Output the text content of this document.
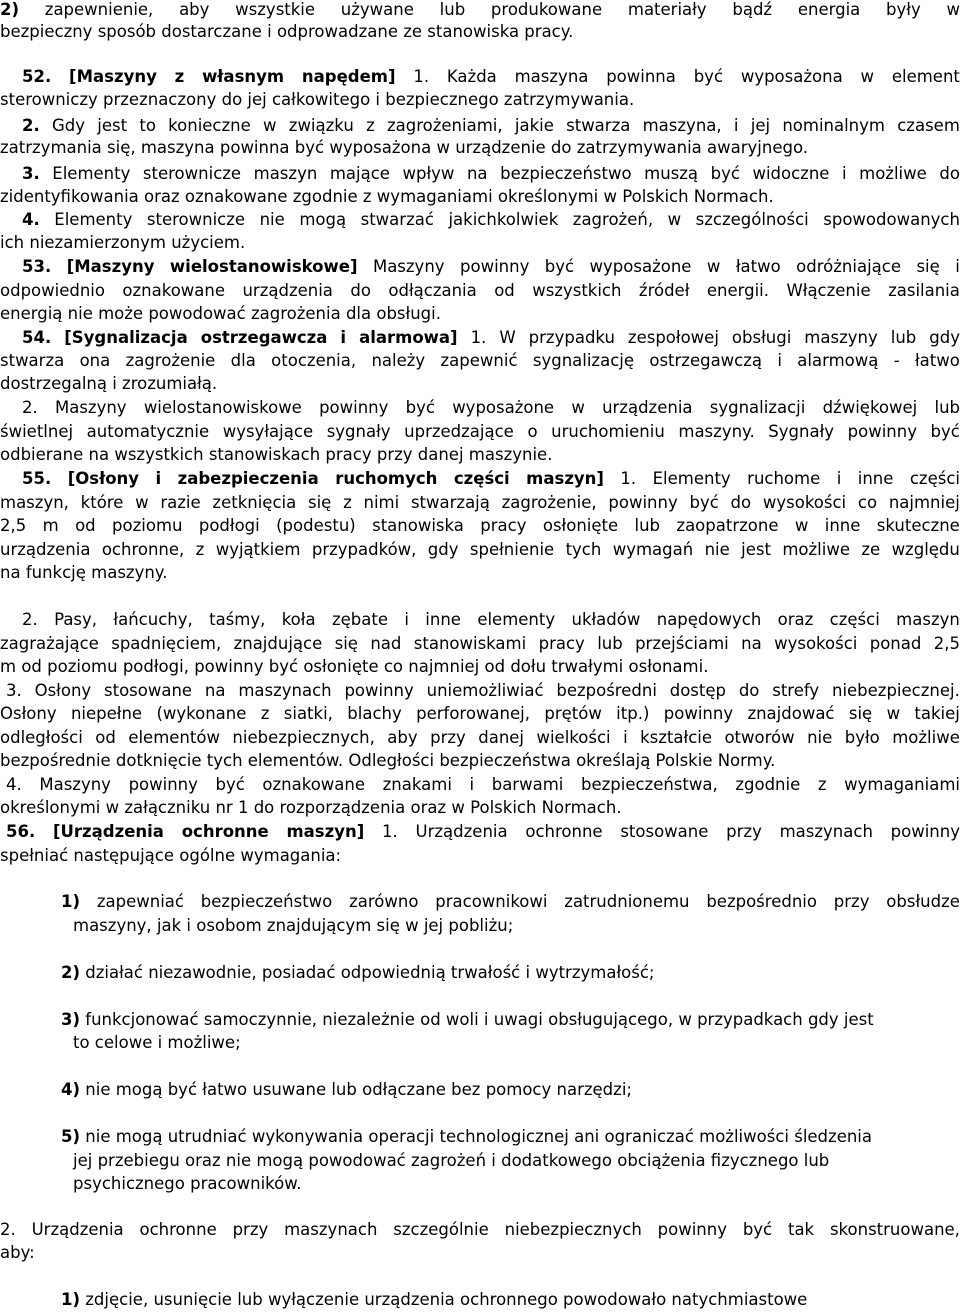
2) zapewnienie, aby wszystkie używane lub produkowane materiały bądź energia były w
bezpieczny sposób dostarczane i odprowadzane ze stanowiska pracy.
52. [Maszyny z własnym napędem] 1. Każda maszyna powinna być wyposażona w element
sterowniczy przeznaczony do jej całkowitego i bezpiecznego zatrzymywania.
2. Gdy jest to konieczne w związku z zagrożeniami, jakie stwarza maszyna, i jej nominalnym czasem
zatrzymania się, maszyna powinna być wyposażona w urządzenie do zatrzymywania awaryjnego.
3. Elementy sterownicze maszyn mające wpływ na bezpieczeństwo muszą być widoczne i możliwe do
zidentyfikowania oraz oznakowane zgodnie z wymaganiami określonymi w Polskich Normach.
4. Elementy sterownicze nie mogą stwarzać jakichkolwiek zagrożeń, w szczególności spowodowanych
ich niezamierzonym użyciem.
53. [Maszyny wielostanowiskowe] Maszyny powinny być wyposażone w łatwo odróżniające się i
odpowiednio oznakowane urządzenia do odłączania od wszystkich źródeł energii. Włączenie zasilania
energią nie może powodować zagrożenia dla obsługi.
54. [Sygnalizacja ostrzegawcza i alarmowa] 1. W przypadku zespołowej obsługi maszyny lub gdy
stwarza ona zagrożenie dla otoczenia, należy zapewnić sygnalizację ostrzegawczą i alarmową - łatwo
dostrzegalną i zrozumiałą.
2. Maszyny wielostanowiskowe powinny być wyposażone w urządzenia sygnalizacji dźwiękowej lub
świetlnej automatycznie wysyłające sygnały uprzedzające o uruchomieniu maszyny. Sygnały powinny być
odbierane na wszystkich stanowiskach pracy przy danej maszynie.
55. [Osłony i zabezpieczenia ruchomych części maszyn] 1. Elementy ruchome i inne części
maszyn, które w razie zetknięcia się z nimi stwarzają zagrożenie, powinny być do wysokości co najmniej
2,5 m od poziomu podłogi (podestu) stanowiska pracy osłonięte lub zaopatrzone w inne skuteczne
urządzenia ochronne, z wyjątkiem przypadków, gdy spełnienie tych wymagań nie jest możliwe ze względu
na funkcję maszyny.
2. Pasy, łańcuchy, taśmy, koła zębate i inne elementy układów napędowych oraz części maszyn
zagrażające spadnięciem, znajdujące się nad stanowiskami pracy lub przejściami na wysokości ponad 2,5
m od poziomu podłogi, powinny być osłonięte co najmniej od dołu trwałymi osłonami.
3. Osłony stosowane na maszynach powinny uniemożliwiać bezpośredni dostęp do strefy niebezpiecznej.
Osłony niepełne (wykonane z siatki, blachy perforowanej, prętów itp.) powinny znajdować się w takiej
odległości od elementów niebezpiecznych, aby przy danej wielkości i kształcie otworów nie było możliwe
bezpośrednie dotknięcie tych elementów. Odległości bezpieczeństwa określają Polskie Normy.
4. Maszyny powinny być oznakowane znakami i barwami bezpieczeństwa, zgodnie z wymaganiami
określonymi w załączniku nr 1 do rozporządzenia oraz w Polskich Normach.
56. [Urządzenia ochronne maszyn] 1. Urządzenia ochronne stosowane przy maszynach powinny
spełniać następujące ogólne wymagania:
1) zapewniać bezpieczeństwo zarówno pracownikowi zatrudnionemu bezpośrednio przy obsłudze
maszyny, jak i osobom znajdującym się w jej pobliżu;
2) działać niezawodnie, posiadać odpowiednią trwałość i wytrzymałość;
3) funkcjonować samoczynnie, niezależnie od woli i uwagi obsługującego, w przypadkach gdy jest
to celowe i możliwe;
4) nie mogą być łatwo usuwane lub odłączane bez pomocy narzędzi;
5) nie mogą utrudniać wykonywania operacji technologicznej ani ograniczać możliwości śledzenia
jej przebiegu oraz nie mogą powodować zagrożeń i dodatkowego obciążenia fizycznego lub
psychicznego pracowników.
2. Urządzenia ochronne przy maszynach szczególnie niebezpiecznych powinny być tak skonstruowane,
aby:
1) zdjęcie, usunięcie lub wyłączenie urządzenia ochronnego powodowało natychmiastowe
